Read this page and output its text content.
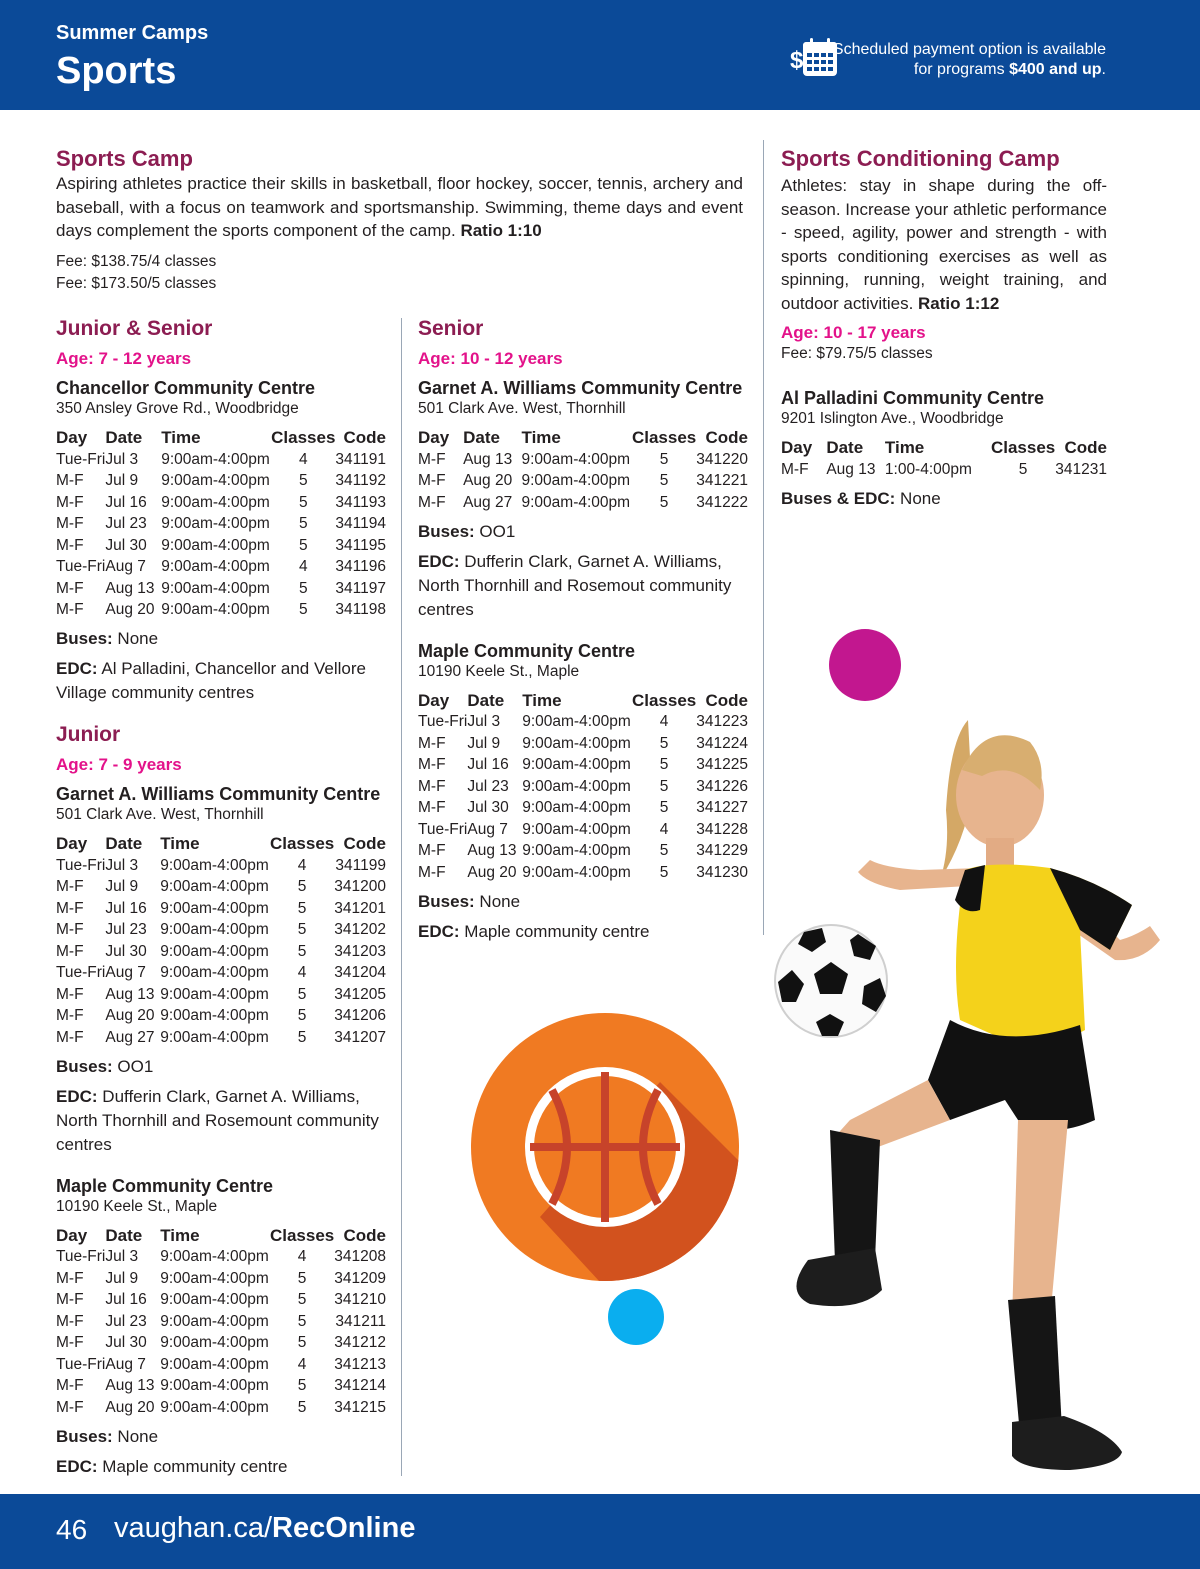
Summer Camps
Sports	$	Scheduled payment option is available
for programs $400 and up.
Sports Camp
Aspiring athletes practice their skills in basketball, floor hockey, soccer, tennis, archery and baseball, with a focus on teamwork and sportsmanship. Swimming, theme days and event days complement the sports component of the camp. Ratio 1:10
Fee: $138.75/4 classes
Fee: $173.50/5 classes
Junior & Senior
Age: 7 - 12 years
Chancellor Community Centre
350 Ansley Grove Rd., Woodbridge
Day	Date	Time	Classes	Code
Tue-Fri	Jul 3	9:00am-4:00pm	4	341191
M-F	Jul 9	9:00am-4:00pm	5	341192
M-F	Jul 16	9:00am-4:00pm	5	341193
M-F	Jul 23	9:00am-4:00pm	5	341194
M-F	Jul 30	9:00am-4:00pm	5	341195
Tue-Fri	Aug 7	9:00am-4:00pm	4	341196
M-F	Aug 13	9:00am-4:00pm	5	341197
M-F	Aug 20	9:00am-4:00pm	5	341198
Buses: None
EDC: Al Palladini, Chancellor and Vellore Village community centres
Junior
Age: 7 - 9 years
Garnet A. Williams Community Centre
501 Clark Ave. West, Thornhill
Day	Date	Time	Classes	Code
Tue-Fri	Jul 3	9:00am-4:00pm	4	341199
M-F	Jul 9	9:00am-4:00pm	5	341200
M-F	Jul 16	9:00am-4:00pm	5	341201
M-F	Jul 23	9:00am-4:00pm	5	341202
M-F	Jul 30	9:00am-4:00pm	5	341203
Tue-Fri	Aug 7	9:00am-4:00pm	4	341204
M-F	Aug 13	9:00am-4:00pm	5	341205
M-F	Aug 20	9:00am-4:00pm	5	341206
M-F	Aug 27	9:00am-4:00pm	5	341207
Buses: OO1
EDC: Dufferin Clark, Garnet A. Williams, North Thornhill and Rosemount community centres
Maple Community Centre
10190 Keele St., Maple
Day	Date	Time	Classes	Code
Tue-Fri	Jul 3	9:00am-4:00pm	4	341208
M-F	Jul 9	9:00am-4:00pm	5	341209
M-F	Jul 16	9:00am-4:00pm	5	341210
M-F	Jul 23	9:00am-4:00pm	5	341211
M-F	Jul 30	9:00am-4:00pm	5	341212
Tue-Fri	Aug 7	9:00am-4:00pm	4	341213
M-F	Aug 13	9:00am-4:00pm	5	341214
M-F	Aug 20	9:00am-4:00pm	5	341215
Buses: None
EDC: Maple community centre
Senior
Age: 10 - 12 years
Garnet A. Williams Community Centre
501 Clark Ave. West, Thornhill
Day	Date	Time	Classes	Code
M-F	Aug 13	9:00am-4:00pm	5	341220
M-F	Aug 20	9:00am-4:00pm	5	341221
M-F	Aug 27	9:00am-4:00pm	5	341222
Buses: OO1
EDC: Dufferin Clark, Garnet A. Williams, North Thornhill and Rosemout community centres
Maple Community Centre
10190 Keele St., Maple
Day	Date	Time	Classes	Code
Tue-Fri	Jul 3	9:00am-4:00pm	4	341223
M-F	Jul 9	9:00am-4:00pm	5	341224
M-F	Jul 16	9:00am-4:00pm	5	341225
M-F	Jul 23	9:00am-4:00pm	5	341226
M-F	Jul 30	9:00am-4:00pm	5	341227
Tue-Fri	Aug 7	9:00am-4:00pm	4	341228
M-F	Aug 13	9:00am-4:00pm	5	341229
M-F	Aug 20	9:00am-4:00pm	5	341230
Buses: None
EDC: Maple community centre
Sports Conditioning Camp
Athletes: stay in shape during the off-season. Increase your athletic performance - speed, agility, power and strength - with sports conditioning exercises as well as spinning, running, weight training, and outdoor activities. Ratio 1:12
Age: 10 - 17 years
Fee: $79.75/5 classes
Al Palladini Community Centre
9201 Islington Ave., Woodbridge
Day	Date	Time	Classes	Code
M-F	Aug 13	1:00-4:00pm	5	341231
Buses & EDC: None
46 vaughan.ca/RecOnline
